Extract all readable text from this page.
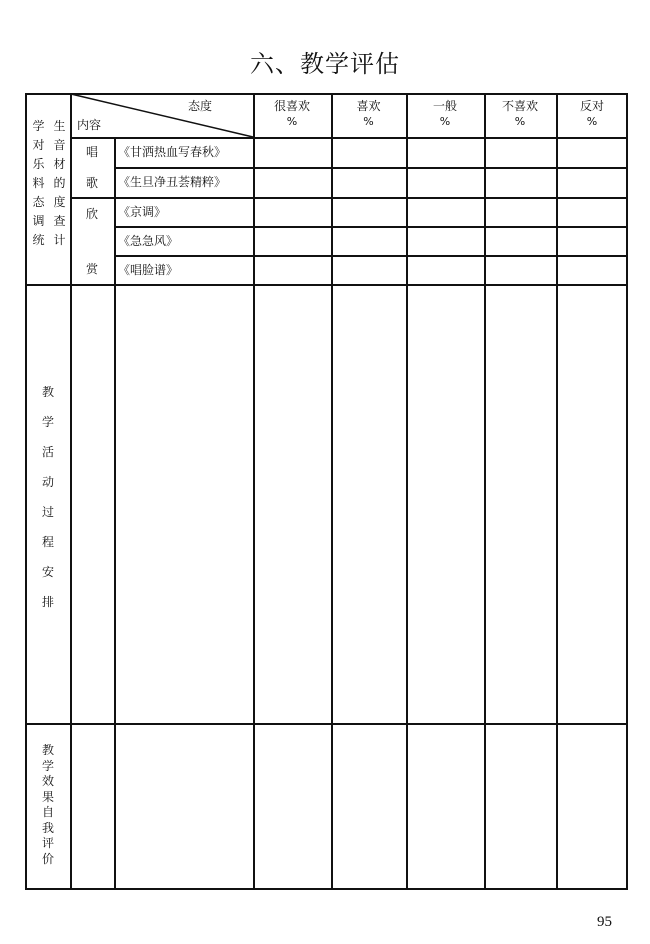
六、教学评估
态度
内容
很喜欢
%
喜欢
%
一般
%
不喜欢
%
反对
%
学 生
对 音
乐 材
料 的
态 度
调 查
统 计
唱
歌
欣
赏
《甘洒热血写春秋》
《生旦净丑荟精粹》
《京调》
《急急风》
《唱脸谱》
教
学
活
动
过
程
安
排
教
学
效
果
自
我
评
价
95
